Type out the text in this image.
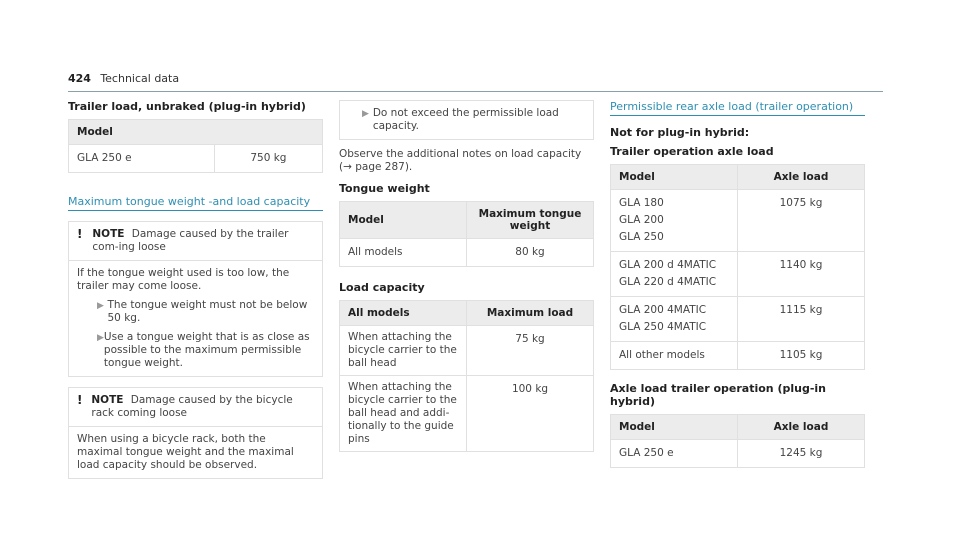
424 Technical data
Trailer load, unbraked (plug-in hybrid)
Model
GLA 250 e	750 kg
Maximum tongue weight -and load capacity
! NOTE Damage caused by the trailer com-ing loose
If the tongue weight used is too low, the trailer may come loose.
▶ The tongue weight must not be below 50 kg.
▶ Use a tongue weight that is as close as possible to the maximum permissible tongue weight.
! NOTE Damage caused by the bicycle rack coming loose
When using a bicycle rack, both the maximal tongue weight and the maximal load capacity should be observed.
▶ Do not exceed the permissible load capacity.
Observe the additional notes on load capacity (→ page 287).
Tongue weight
Model	Maximum tongue weight
All models	80 kg
Load capacity
All models	Maximum load
When attaching the bicycle carrier to the ball head	75 kg
When attaching the bicycle carrier to the ball head and addi-tionally to the guide pins	100 kg
Permissible rear axle load (trailer operation)
Not for plug-in hybrid:
Trailer operation axle load
Model	Axle load

GLA 180
GLA 200
GLA 250	1075 kg

GLA 200 d 4MATIC
GLA 220 d 4MATIC	1140 kg

GLA 200 4MATIC
GLA 250 4MATIC	1115 kg

All other models	1105 kg
Axle load trailer operation (plug-in hybrid)
Model	Axle load
GLA 250 e	1245 kg
